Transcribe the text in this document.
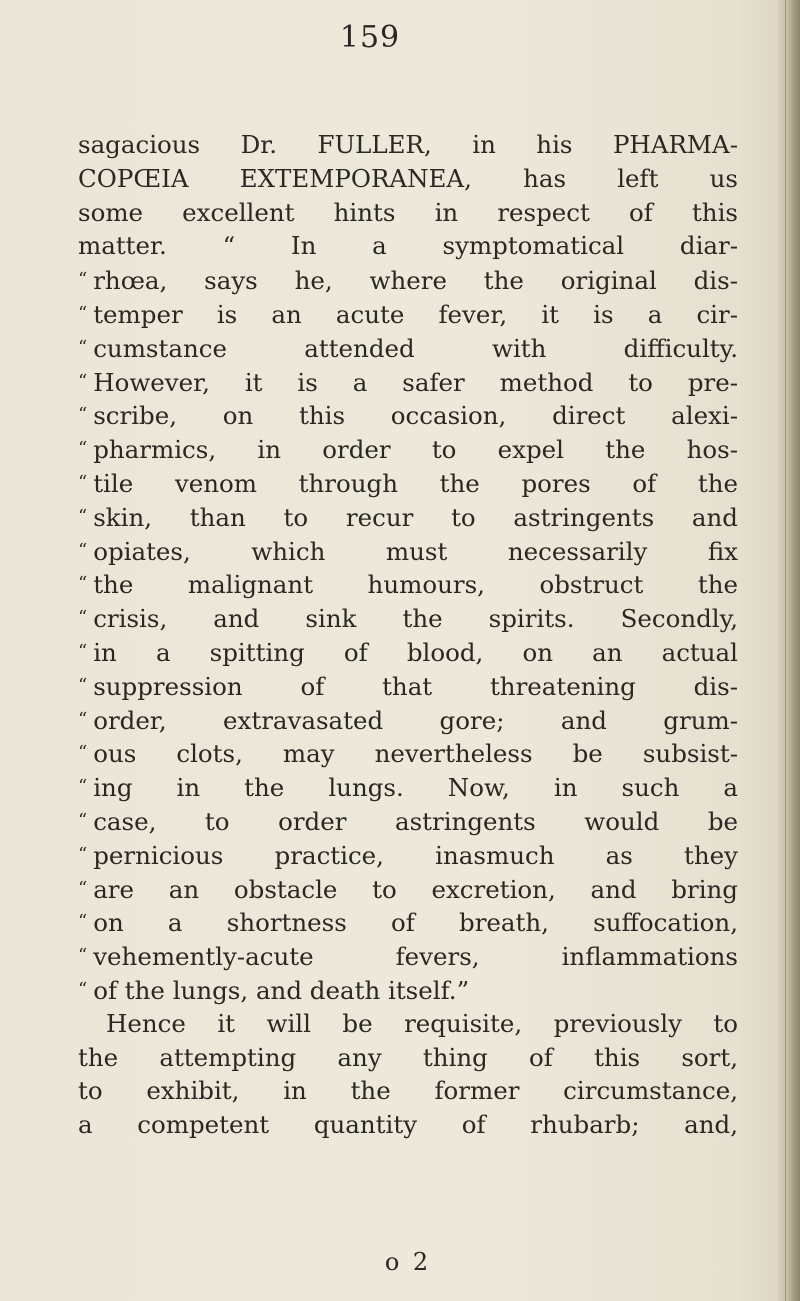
159
sagacious Dr. FULLER, in his PHARMA-
COPŒIA EXTEMPORANEA, has left us
some excellent hints in respect of this
matter. “ In a symptomatical diar-
“ rhœa, says he, where the original dis-
“ temper is an acute fever, it is a cir-
“ cumstance attended with difficulty.
“ However, it is a safer method to pre-
“ scribe, on this occasion, direct alexi-
“ pharmics, in order to expel the hos-
“ tile venom through the pores of the
“ skin, than to recur to astringents and
“ opiates, which must necessarily fix
“ the malignant humours, obstruct the
“ crisis, and sink the spirits. Secondly,
“ in a spitting of blood, on an actual
“ suppression of that threatening dis-
“ order, extravasated gore; and grum-
“ ous clots, may nevertheless be subsist-
“ ing in the lungs. Now, in such a
“ case, to order astringents would be
“ pernicious practice, inasmuch as they
“ are an obstacle to excretion, and bring
“ on a shortness of breath, suffocation,
“ vehemently-acute fevers, inflammations
“ of the lungs, and death itself.”
Hence it will be requisite, previously to
the attempting any thing of this sort,
to exhibit, in the former circumstance,
a competent quantity of rhubarb; and,
o 2
